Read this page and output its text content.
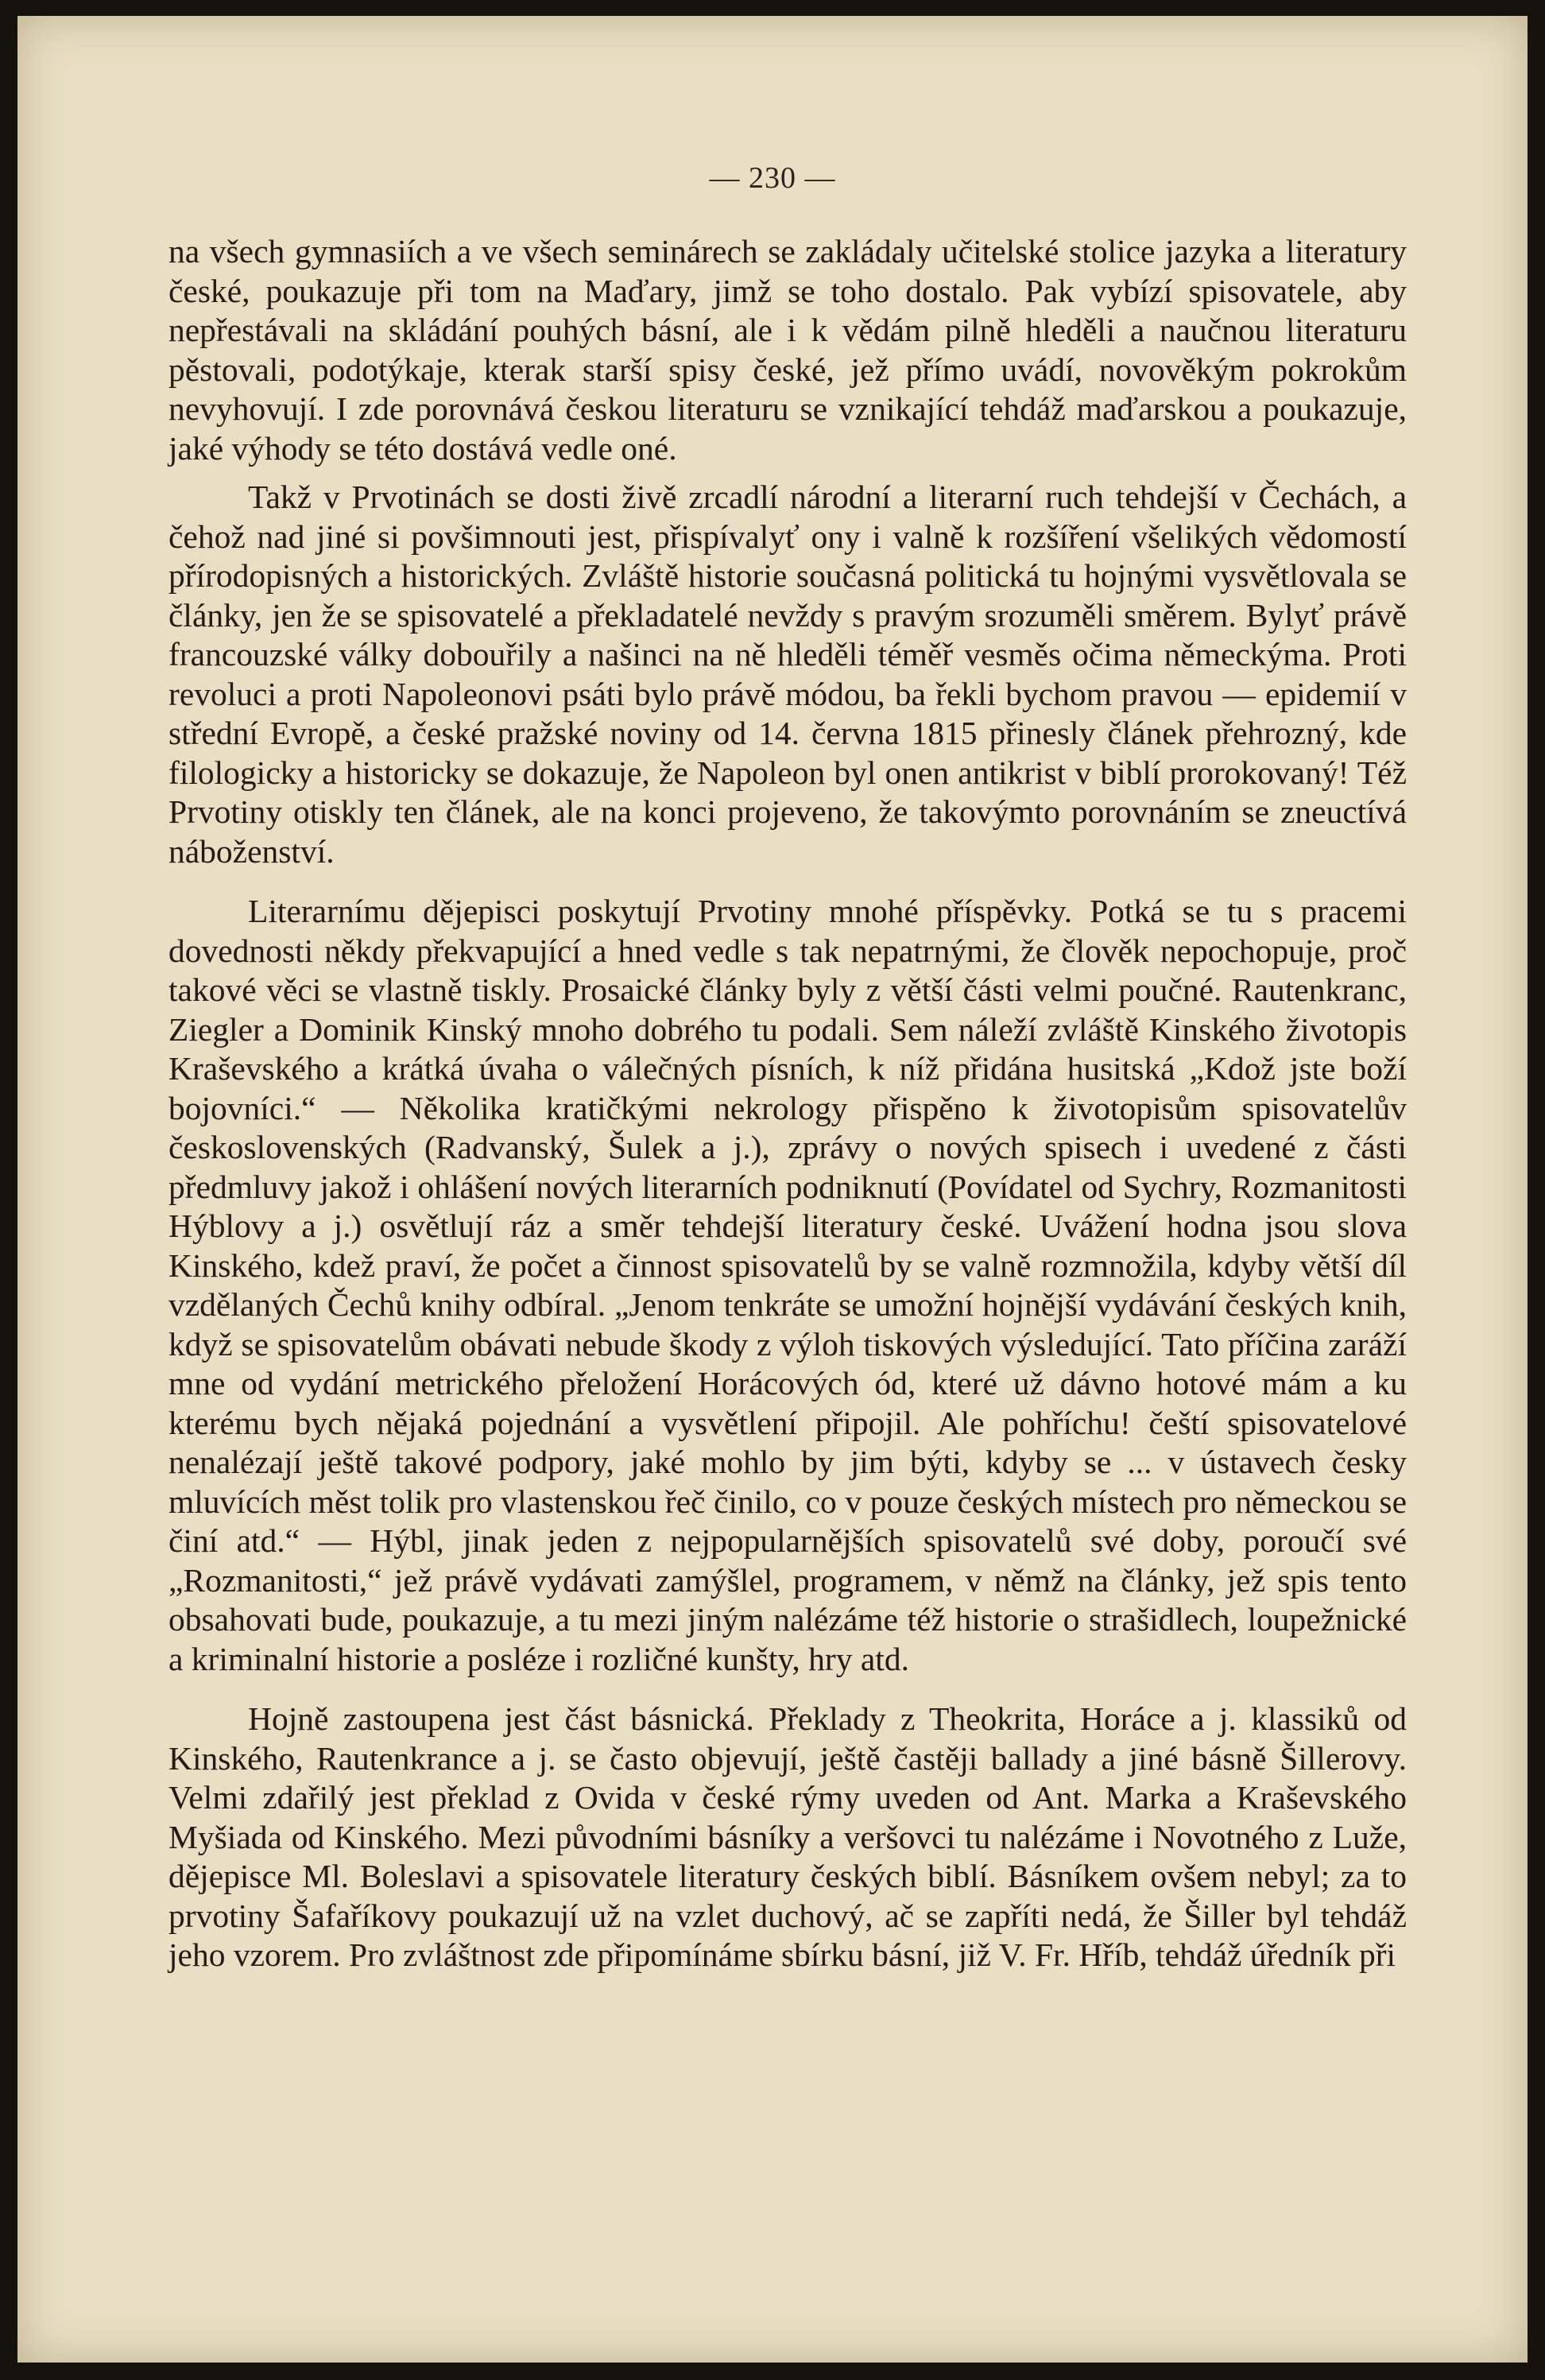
— 230 —

na všech gymnasiích a ve všech seminárech se zakládaly učitelské stolice jazyka a literatury české, poukazuje při tom na Maďary, jimž se toho dostalo. Pak vybízí spisovatele, aby nepřestávali na skládání pouhých básní, ale i k vědám pilně hleděli a naučnou literaturu pěstovali, podotýkaje, kterak starší spisy české, jež přímo uvádí, novověkým pokrokům nevyhovují. I zde porovnává českou literaturu se vznikající tehdáž maďarskou a poukazuje, jaké výhody se této dostává vedle oné.

Takž v Prvotinách se dosti živě zrcadlí národní a literarní ruch tehdejší v Čechách, a čehož nad jiné si povšimnouti jest, přispívalyť ony i valně k rozšíření všelikých vědomostí přírodopisných a historických. Zvláště historie současná politická tu hojnými vysvětlovala se články, jen že se spisovatelé a překladatelé nevždy s pravým srozuměli směrem. Bylyť právě francouzské války dobouřily a našinci na ně hleděli téměř vesměs očima německýma. Proti revoluci a proti Napoleonovi psáti bylo právě módou, ba řekli bychom pravou — epidemií v střední Evropě, a české pražské noviny od 14. června 1815 přinesly článek přehrozný, kde filologicky a historicky se dokazuje, že Napoleon byl onen antikrist v biblí prorokovaný! Též Prvotiny otiskly ten článek, ale na konci projeveno, že takovýmto porovnáním se zneuctívá náboženství.

Literarnímu dějepisci poskytují Prvotiny mnohé příspěvky. Potká se tu s pracemi dovednosti někdy překvapující a hned vedle s tak nepatrnými, že člověk nepochopuje, proč takové věci se vlastně tiskly. Prosaické články byly z větší části velmi poučné. Rautenkranc, Ziegler a Dominik Kinský mnoho dobrého tu podali. Sem náleží zvláště Kinského životopis Kraševského a krátká úvaha o válečných písních, k níž přidána husitská „Kdož jste boží bojovníci.“ — Několika kratičkými nekrology přispěno k životopisům spisovatelův československých (Radvanský, Šulek a j.), zprávy o nových spisech i uvedené z části předmluvy jakož i ohlášení nových literarních podniknutí (Povídatel od Sychry, Rozmanitosti Hýblovy a j.) osvětlují ráz a směr tehdejší literatury české. Uvážení hodna jsou slova Kinského, kdež praví, že počet a činnost spisovatelů by se valně rozmnožila, kdyby větší díl vzdělaných Čechů knihy odbíral. „Jenom tenkráte se umožní hojnější vydávání českých knih, když se spisovatelům obávati nebude škody z výloh tiskových výsledující. Tato příčina zaráží mne od vydání metrického přeložení Horácových ód, které už dávno hotové mám a ku kterému bych nějaká pojednání a vysvětlení připojil. Ale pohříchu! čeští spisovatelové nenalézají ještě takové podpory, jaké mohlo by jim býti, kdyby se ... v ústavech česky mluvících měst tolik pro vlastenskou řeč činilo, co v pouze českých místech pro německou se činí atd.“ — Hýbl, jinak jeden z nejpopularnějších spisovatelů své doby, poroučí své „Rozmanitosti,“ jež právě vydávati zamýšlel, programem, v němž na články, jež spis tento obsahovati bude, poukazuje, a tu mezi jiným nalézáme též historie o strašidlech, loupežnické a kriminalní historie a posléze i rozličné kunšty, hry atd.

Hojně zastoupena jest část básnická. Překlady z Theokrita, Horáce a j. klassiků od Kinského, Rautenkrance a j. se často objevují, ještě častěji ballady a jiné básně Šillerovy. Velmi zdařilý jest překlad z Ovida v české rýmy uveden od Ant. Marka a Kraševského Myšiada od Kinského. Mezi původními básníky a veršovci tu nalézáme i Novotného z Luže, dějepisce Ml. Boleslavi a spisovatele literatury českých biblí. Básníkem ovšem nebyl; za to prvotiny Šafaříkovy poukazují už na vzlet duchový, ač se zapříti nedá, že Šiller byl tehdáž jeho vzorem. Pro zvláštnost zde připomínáme sbírku básní, již V. Fr. Hříb, tehdáž úředník při
